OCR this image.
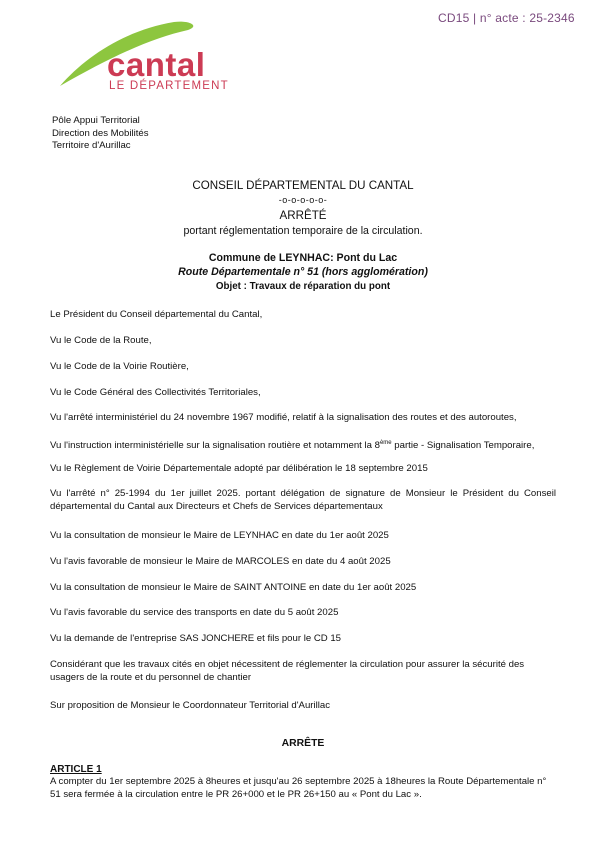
CD15 | n° acte : 25-2346
cantal
LE DÉPARTEMENT
Pôle Appui Territorial
Direction des Mobilités
Territoire d'Aurillac
CONSEIL DÉPARTEMENTAL DU CANTAL
-o-o-o-o-o-
ARRÊTÉ
portant réglementation temporaire de la circulation.
Commune de LEYNHAC: Pont du Lac
Route Départementale n° 51 (hors agglomération)
Objet : Travaux de réparation du pont
Le Président du Conseil départemental du Cantal,
Vu le Code de la Route,
Vu le Code de la Voirie Routière,
Vu le Code Général des Collectivités Territoriales,
Vu l'arrêté interministériel du 24 novembre 1967 modifié, relatif à la signalisation des routes et des autoroutes,
Vu l'instruction interministérielle sur la signalisation routière et notamment la 8ème partie - Signalisation Temporaire,
Vu le Règlement de Voirie Départementale adopté par délibération le 18 septembre 2015
Vu l'arrêté n° 25-1994 du 1er juillet 2025. portant délégation de signature de Monsieur le Président du Conseil départemental du Cantal aux Directeurs et Chefs de Services départementaux
Vu la consultation de monsieur le Maire de LEYNHAC en date du 1er août 2025
Vu l'avis favorable de monsieur le Maire de MARCOLES en date du 4 août 2025
Vu la consultation de monsieur le Maire de SAINT ANTOINE en date du 1er août 2025
Vu l'avis favorable du service des transports en date du 5 août 2025
Vu la demande de l'entreprise SAS JONCHERE et fils pour le CD 15
Considérant que les travaux cités en objet nécessitent de réglementer la circulation pour assurer la sécurité des usagers de la route et du personnel de chantier
Sur proposition de Monsieur le Coordonnateur Territorial d'Aurillac
ARRÊTE
ARTICLE 1
A compter du 1er septembre 2025 à 8heures et jusqu'au 26 septembre 2025 à 18heures la Route Départementale n° 51 sera fermée à la circulation entre le PR 26+000 et le PR 26+150 au « Pont du Lac ».
